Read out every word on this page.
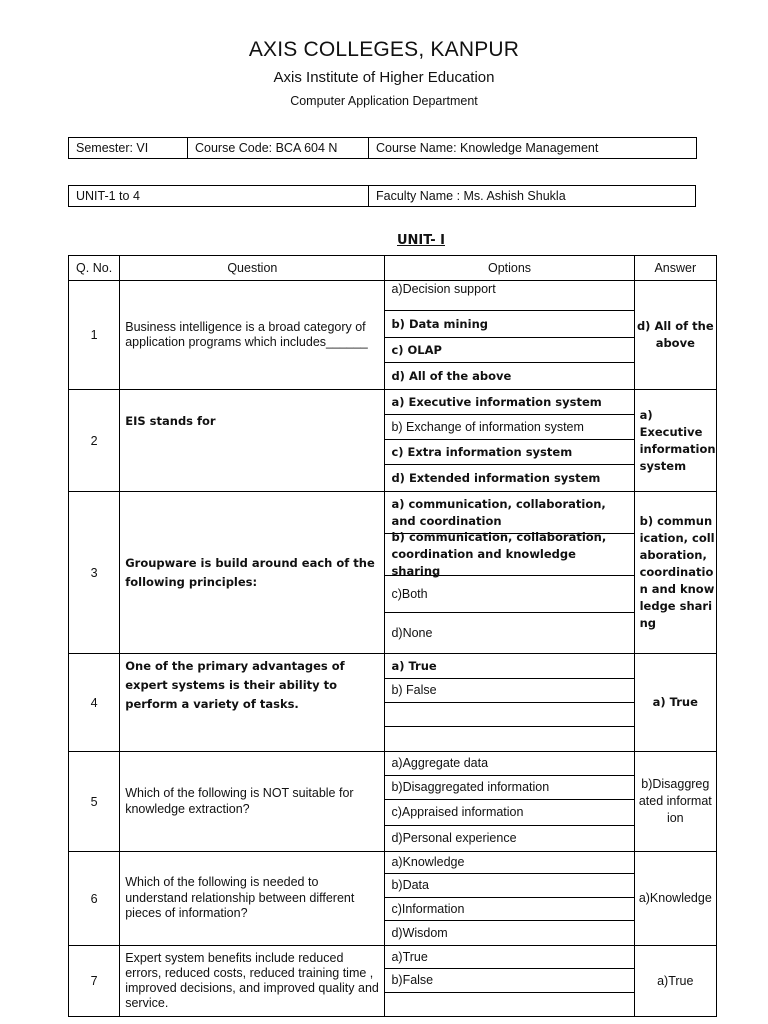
AXIS COLLEGES, KANPUR
Axis Institute of Higher Education
Computer Application Department
Semester: VI	Course Code: BCA 604 N	Course Name: Knowledge Management
UNIT-1 to 4	Faculty Name : Ms. Ashish Shukla
UNIT- I
Q. No.	Question	Options	Answer
1	Business intelligence is a broad category of application programs which includes______	a)Decision support
b) Data mining
c) OLAP
d) All of the above	d) All of the above
2	EIS stands for	a) Executive information system
b) Exchange of information system
c) Extra information system
d) Extended information system	a) Executive information system
3	Groupware is build around each of the following principles:	a) communication, collaboration, and coordination
b) communication, collaboration, coordination and knowledge sharing
c)Both
d)None	b) communication, collaboration, coordination and knowledge sharing
4	One of the primary advantages of expert systems is their ability to perform a variety of tasks.	a) True
b) False	a) True
5	Which of the following is NOT suitable for knowledge extraction?	a)Aggregate data
b)Disaggregated information
c)Appraised information
d)Personal experience	b)Disaggregated information
6	Which of the following is needed to understand relationship between different pieces of information?	a)Knowledge
b)Data
c)Information
d)Wisdom	a)Knowledge
7	Expert system benefits include reduced errors, reduced costs, reduced training time , improved decisions, and improved quality and service.	a)True
b)False	a)True
